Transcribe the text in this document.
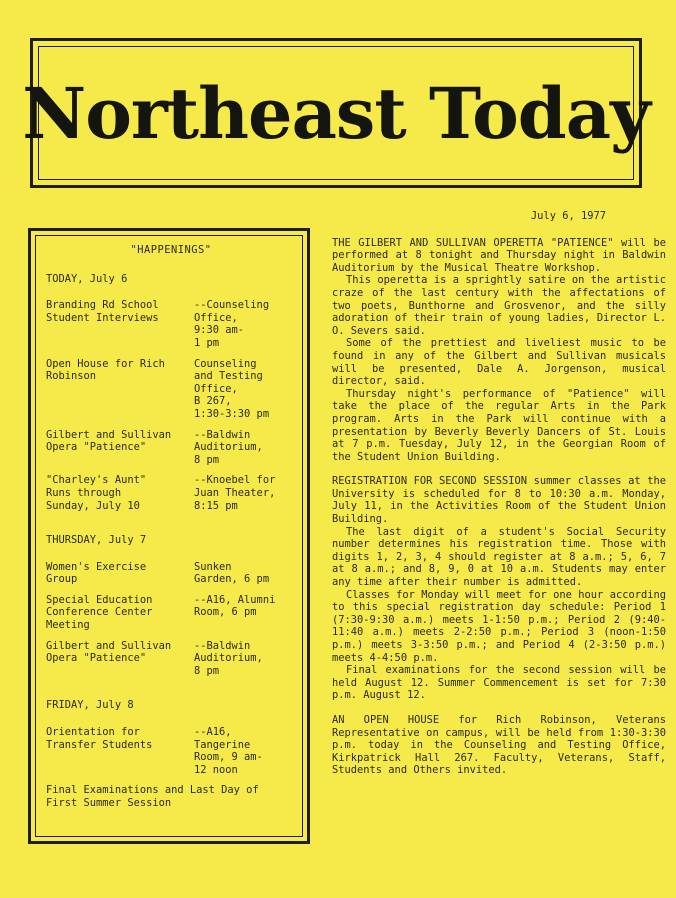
Northeast Today
"HAPPENINGS"
TODAY, July 6
Branding Rd School
Student Interviews
--Counseling
Office,
9:30 am-
1 pm
Open House for Rich
Robinson
Counseling
and Testing
Office,
B 267,
1:30-3:30 pm
Gilbert and Sullivan
Opera "Patience"
--Baldwin
Auditorium,
8 pm
"Charley's Aunt"
Runs through
Sunday, July 10
--Knoebel for
Juan Theater,
8:15 pm
THURSDAY, July 7
Women's Exercise
Group
Sunken
Garden, 6 pm
Special Education
Conference Center
Meeting
--A16, Alumni
Room, 6 pm
Gilbert and Sullivan
Opera "Patience"
--Baldwin
Auditorium,
8 pm
FRIDAY, July 8
Orientation for
Transfer Students
--A16,
Tangerine
Room, 9 am-
12 noon
Final Examinations and Last Day of
First Summer Session
July 6, 1977

THE GILBERT AND SULLIVAN OPERETTA "PATIENCE" will be performed at 8 tonight and Thursday night in Baldwin Auditorium by the Musical Theatre Workshop.

This operetta is a sprightly satire on the artistic craze of the last century with the affectations of two poets, Bunthorne and Grosvenor, and the silly adoration of their train of young ladies, Director L. O. Severs said.

Some of the prettiest and liveliest music to be found in any of the Gilbert and Sullivan musicals will be presented, Dale A. Jorgenson, musical director, said.

Thursday night's performance of "Patience" will take the place of the regular Arts in the Park program. Arts in the Park will continue with a presentation by Beverly Beverly Dancers of St. Louis at 7 p.m. Tuesday, July 12, in the Georgian Room of the Student Union Building.

REGISTRATION FOR SECOND SESSION summer classes at the University is scheduled for 8 to 10:30 a.m. Monday, July 11, in the Activities Room of the Student Union Building.

The last digit of a student's Social Security number determines his registration time. Those with digits 1, 2, 3, 4 should register at 8 a.m.; 5, 6, 7 at 8 a.m.; and 8, 9, 0 at 10 a.m. Students may enter any time after their number is admitted.

Classes for Monday will meet for one hour according to this special registration day schedule: Period 1 (7:30-9:30 a.m.) meets 1-1:50 p.m.; Period 2 (9:40-11:40 a.m.) meets 2-2:50 p.m.; Period 3 (noon-1:50 p.m.) meets 3-3:50 p.m.; and Period 4 (2-3:50 p.m.) meets 4-4:50 p.m.

Final examinations for the second session will be held August 12. Summer Commencement is set for 7:30 p.m. August 12.

AN OPEN HOUSE for Rich Robinson, Veterans Representative on campus, will be held from 1:30-3:30 p.m. today in the Counseling and Testing Office, Kirkpatrick Hall 267. Faculty, Veterans, Staff, Students and Others invited.
